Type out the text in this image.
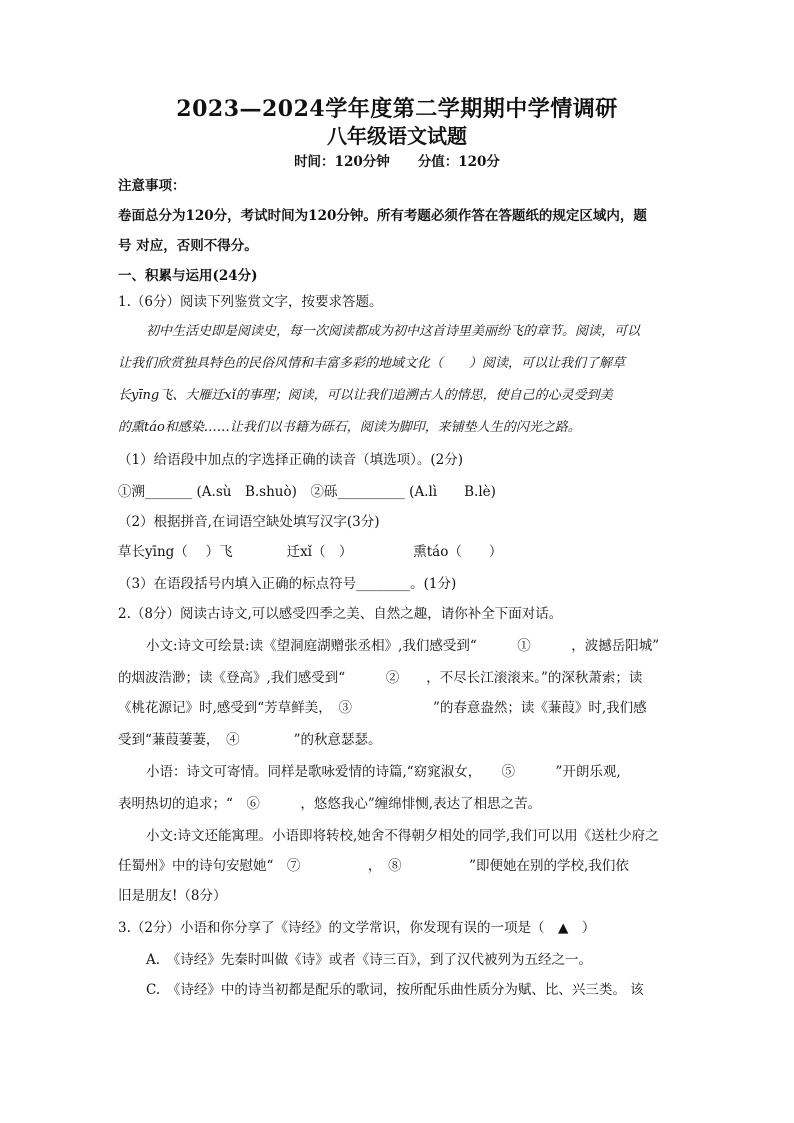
2023—2024学年度第二学期期中学情调研
八年级语文试题
时间：120分钟 分值：120分
注意事项：
卷面总分为120分，考试时间为120分钟。所有考题必须作答在答题纸的规定区域内，题
号 对应，否则不得分。
一、积累与运用(24分)
1.（6分）阅读下列鉴赏文字，按要求答题。
初中生活史即是阅读史，每一次阅读都成为初中这首诗里美丽纷飞的章节。阅读，可以
让我们欣赏独具特色的民俗风情和丰富多彩的地域文化（　　）阅读，可以让我们了解草
长yīng飞、大雁迁xǐ的事理；阅读，可以让我们追溯古人的情思，使自己的心灵受到美
的熏táo和感染……让我们以书籍为砾石，阅读为脚印，来铺垫人生的闪光之路。
（1）给语段中加点的字选择正确的读音（填选项）。(2分)
①溯_______ (A.sù　B.shuò)　②砾__________ (A.lì　　B.lè)
（2）根据拼音,在词语空缺处填写汉字(3分)
草长yīng（　 ）飞　　　　迁xǐ（　）　　　　　熏táo（　　）
（3）在语段括号内填入正确的标点符号________。(1分)
2.（8分）阅读古诗文,可以感受四季之美、自然之趣，请你补全下面对话。
小文:诗文可绘景:读《望洞庭湖赠张丞相》,我们感受到“　　　①　　　，波撼岳阳城”
的烟波浩渺；读《登高》,我们感受到“　　　②　　，不尽长江滚滚来。”的深秋萧索；读
《桃花源记》时,感受到“芳草鲜美，　③　　　　　　”的春意盎然；读《蒹葭》时,我们感
受到“蒹葭萋萋，　④　　　　”的秋意瑟瑟。
小语：诗文可寄情。同样是歌咏爱情的诗篇,“窈窕淑女，　　⑤　　　”开朗乐观,
表明热切的追求；“　⑥　　　，悠悠我心”缠绵悱恻,表达了相思之苦。
小文:诗文还能寓理。小语即将转校,她舍不得朝夕相处的同学,我们可以用《送杜少府之
任蜀州》中的诗句安慰她“　⑦　　　　　，　⑧　　　　　”即便她在别的学校,我们依
旧是朋友!（8分）
3.（2分）小语和你分享了《诗经》的文学常识，你发现有误的一项是（　▲　）
A.　《诗经》先秦时叫做《诗》或者《诗三百》，到了汉代被列为五经之一。
C.　《诗经》中的诗当初都是配乐的歌词，按所配乐曲性质分为赋、比、兴三类。 该
